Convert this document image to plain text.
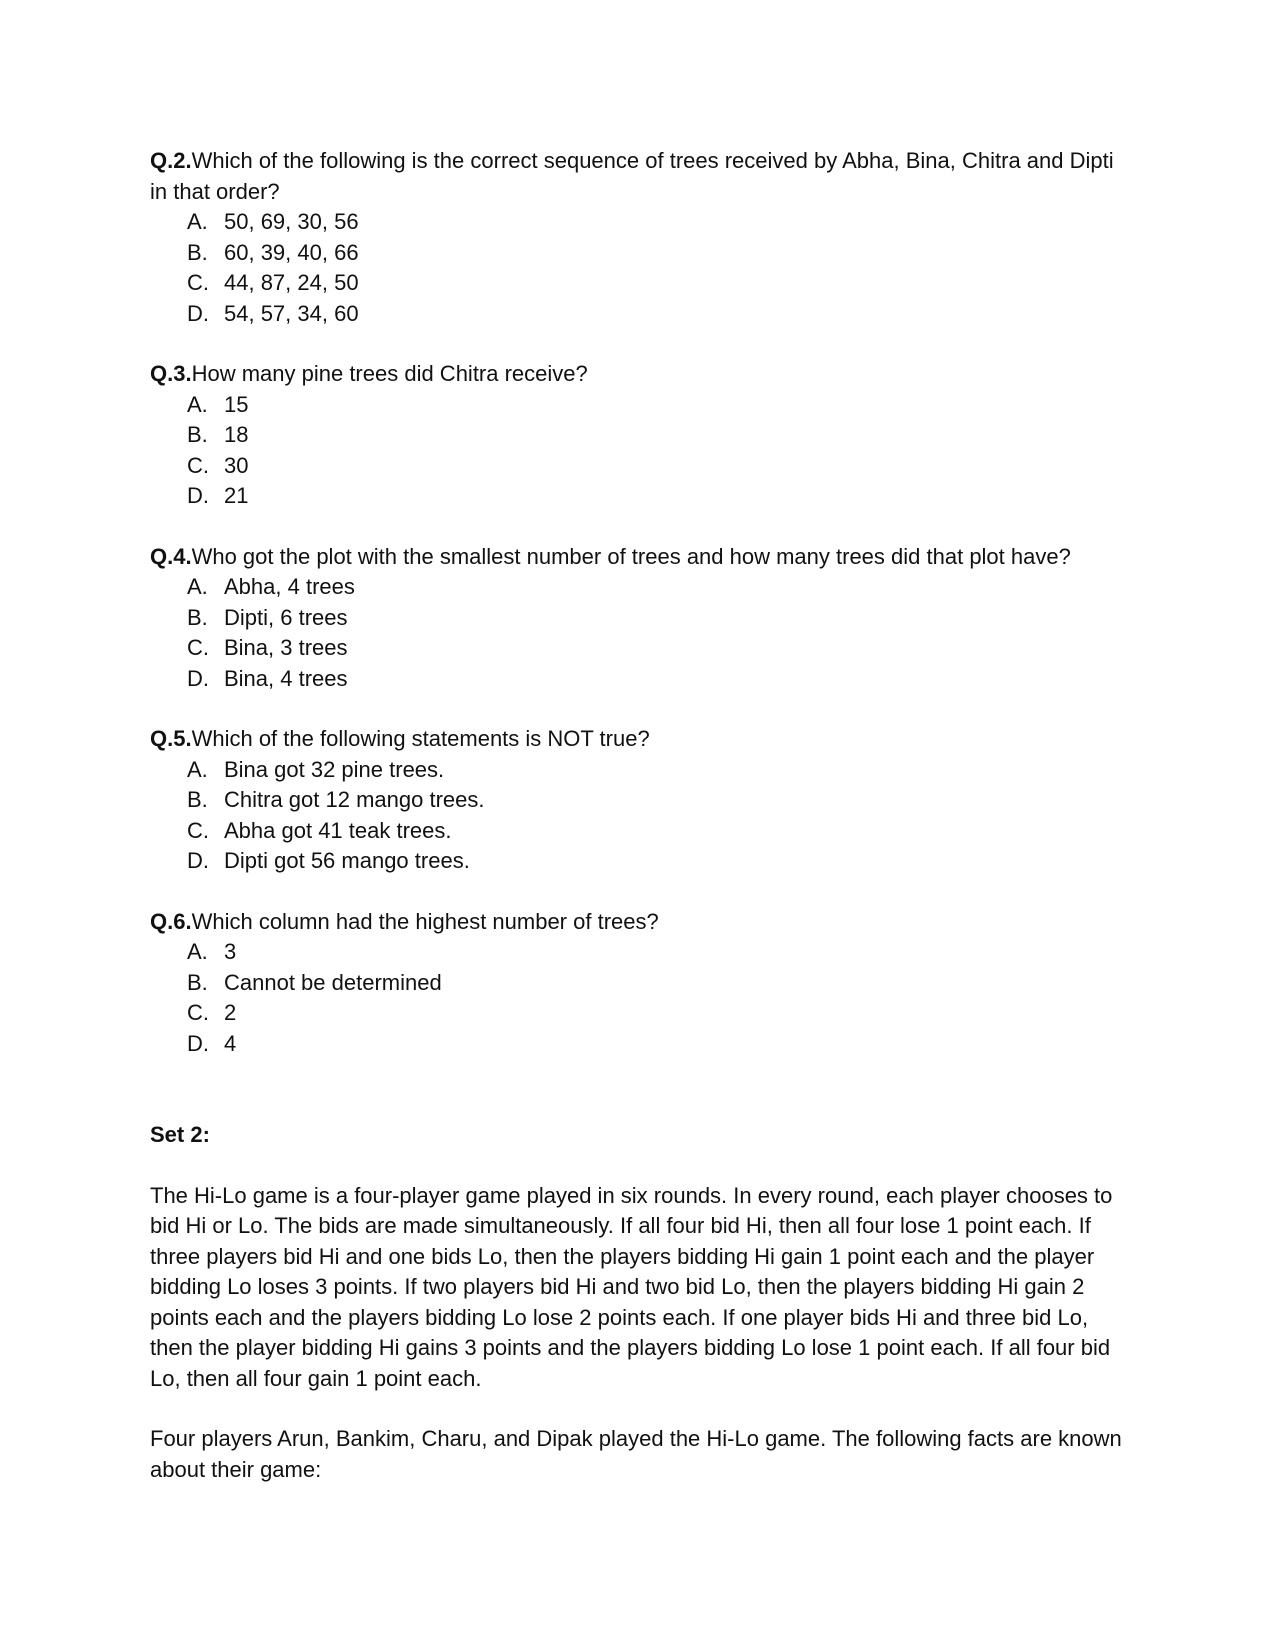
Q.2.Which of the following is the correct sequence of trees received by Abha, Bina, Chitra and Dipti in that order?

A. 50, 69, 30, 56
B. 60, 39, 40, 66
C. 44, 87, 24, 50
D. 54, 57, 34, 60

Q.3.How many pine trees did Chitra receive?

A. 15
B. 18
C. 30
D. 21

Q.4.Who got the plot with the smallest number of trees and how many trees did that plot have?

A. Abha, 4 trees
B. Dipti, 6 trees
C. Bina, 3 trees
D. Bina, 4 trees

Q.5.Which of the following statements is NOT true?

A. Bina got 32 pine trees.
B. Chitra got 12 mango trees.
C. Abha got 41 teak trees.
D. Dipti got 56 mango trees.

Q.6.Which column had the highest number of trees?

A. 3
B. Cannot be determined
C. 2
D. 4

Set 2:

The Hi-Lo game is a four-player game played in six rounds. In every round, each player chooses to bid Hi or Lo. The bids are made simultaneously. If all four bid Hi, then all four lose 1 point each. If three players bid Hi and one bids Lo, then the players bidding Hi gain 1 point each and the player bidding Lo loses 3 points. If two players bid Hi and two bid Lo, then the players bidding Hi gain 2 points each and the players bidding Lo lose 2 points each. If one player bids Hi and three bid Lo, then the player bidding Hi gains 3 points and the players bidding Lo lose 1 point each. If all four bid Lo, then all four gain 1 point each.

Four players Arun, Bankim, Charu, and Dipak played the Hi-Lo game. The following facts are known about their game:
